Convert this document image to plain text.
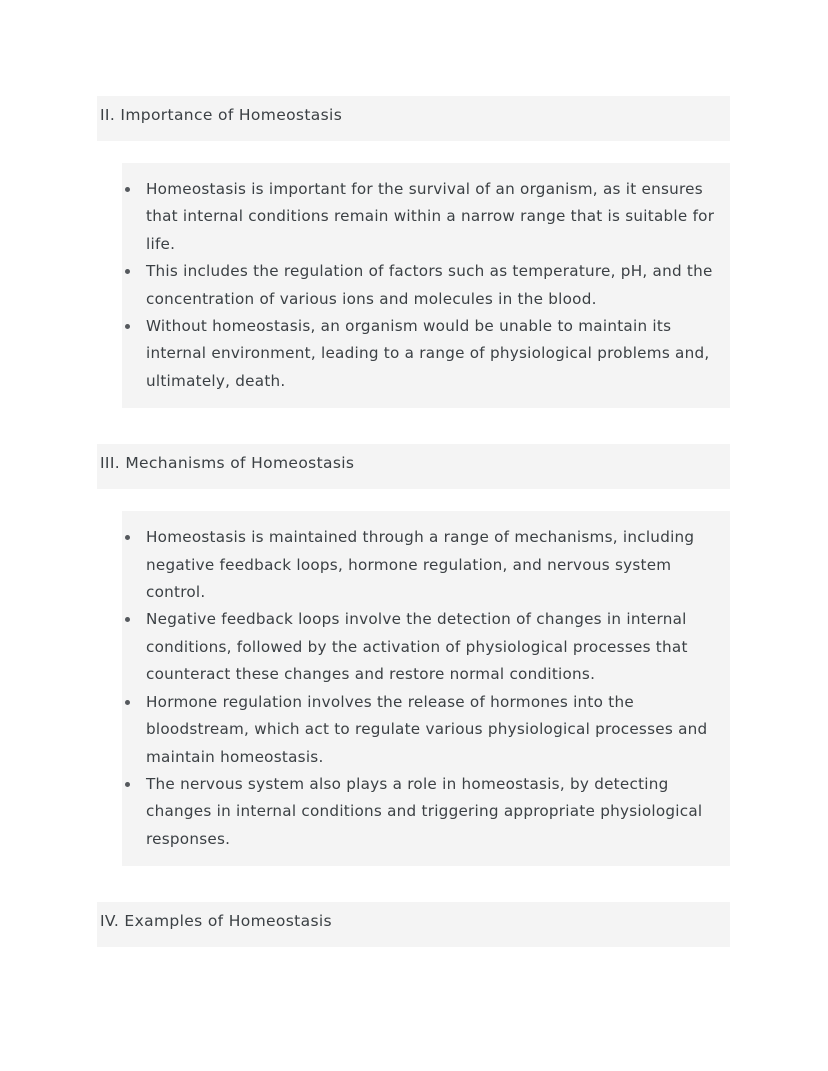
II. Importance of Homeostasis
Homeostasis is important for the survival of an organism, as it ensures that internal conditions remain within a narrow range that is suitable for life.
This includes the regulation of factors such as temperature, pH, and the concentration of various ions and molecules in the blood.
Without homeostasis, an organism would be unable to maintain its internal environment, leading to a range of physiological problems and, ultimately, death.
III. Mechanisms of Homeostasis
Homeostasis is maintained through a range of mechanisms, including negative feedback loops, hormone regulation, and nervous system control.
Negative feedback loops involve the detection of changes in internal conditions, followed by the activation of physiological processes that counteract these changes and restore normal conditions.
Hormone regulation involves the release of hormones into the bloodstream, which act to regulate various physiological processes and maintain homeostasis.
The nervous system also plays a role in homeostasis, by detecting changes in internal conditions and triggering appropriate physiological responses.
IV. Examples of Homeostasis
